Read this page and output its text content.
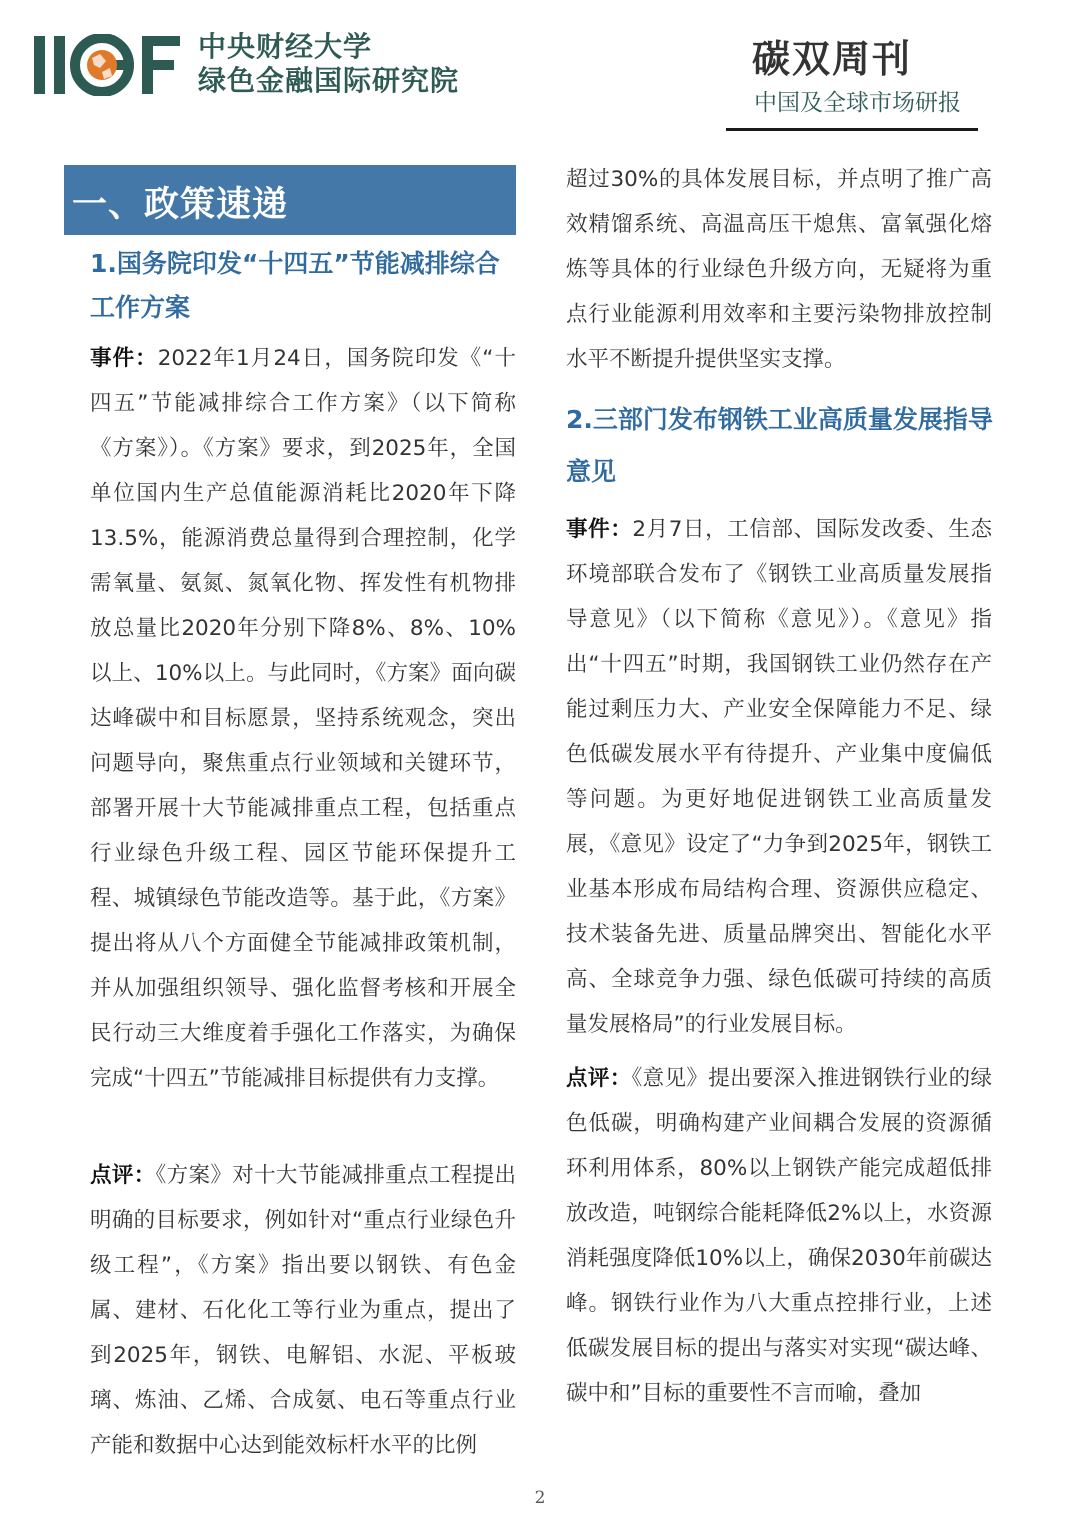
中央财经大学
绿色金融国际研究院	碳双周刊
中国及全球市场研报
一、政策速递
1.国务院印发“十四五”节能减排综合工作方案

事件：2022年1月24日，国务院印发《“十四五”节能减排综合工作方案》（以下简称《方案》）。《方案》要求，到2025年，全国单位国内生产总值能源消耗比2020年下降13.5%，能源消费总量得到合理控制，化学需氧量、氨氮、氮氧化物、挥发性有机物排放总量比2020年分别下降8%、8%、10%以上、10%以上。与此同时，《方案》面向碳达峰碳中和目标愿景，坚持系统观念，突出问题导向，聚焦重点行业领域和关键环节，部署开展十大节能减排重点工程，包括重点行业绿色升级工程、园区节能环保提升工程、城镇绿色节能改造等。基于此，《方案》提出将从八个方面健全节能减排政策机制，并从加强组织领导、强化监督考核和开展全民行动三大维度着手强化工作落实，为确保完成“十四五”节能减排目标提供有力支撑。

点评：《方案》对十大节能减排重点工程提出明确的目标要求，例如针对“重点行业绿色升级工程”，《方案》指出要以钢铁、有色金属、建材、石化化工等行业为重点，提出了到2025年，钢铁、电解铝、水泥、平板玻璃、炼油、乙烯、合成氨、电石等重点行业产能和数据中心达到能效标杆水平的比例

超过30%的具体发展目标，并点明了推广高效精馏系统、高温高压干熄焦、富氧强化熔炼等具体的行业绿色升级方向，无疑将为重点行业能源利用效率和主要污染物排放控制水平不断提升提供坚实支撑。

2.三部门发布钢铁工业高质量发展指导意见

事件：2月7日，工信部、国际发改委、生态环境部联合发布了《钢铁工业高质量发展指导意见》（以下简称《意见》）。《意见》指出“十四五”时期，我国钢铁工业仍然存在产能过剩压力大、产业安全保障能力不足、绿色低碳发展水平有待提升、产业集中度偏低等问题。为更好地促进钢铁工业高质量发展，《意见》设定了“力争到2025年，钢铁工业基本形成布局结构合理、资源供应稳定、技术装备先进、质量品牌突出、智能化水平高、全球竞争力强、绿色低碳可持续的高质量发展格局”的行业发展目标。

点评：《意见》提出要深入推进钢铁行业的绿色低碳，明确构建产业间耦合发展的资源循环利用体系，80%以上钢铁产能完成超低排放改造，吨钢综合能耗降低2%以上，水资源消耗强度降低10%以上，确保2030年前碳达峰。钢铁行业作为八大重点控排行业，上述低碳发展目标的提出与落实对实现“碳达峰、碳中和”目标的重要性不言而喻，叠加

2
